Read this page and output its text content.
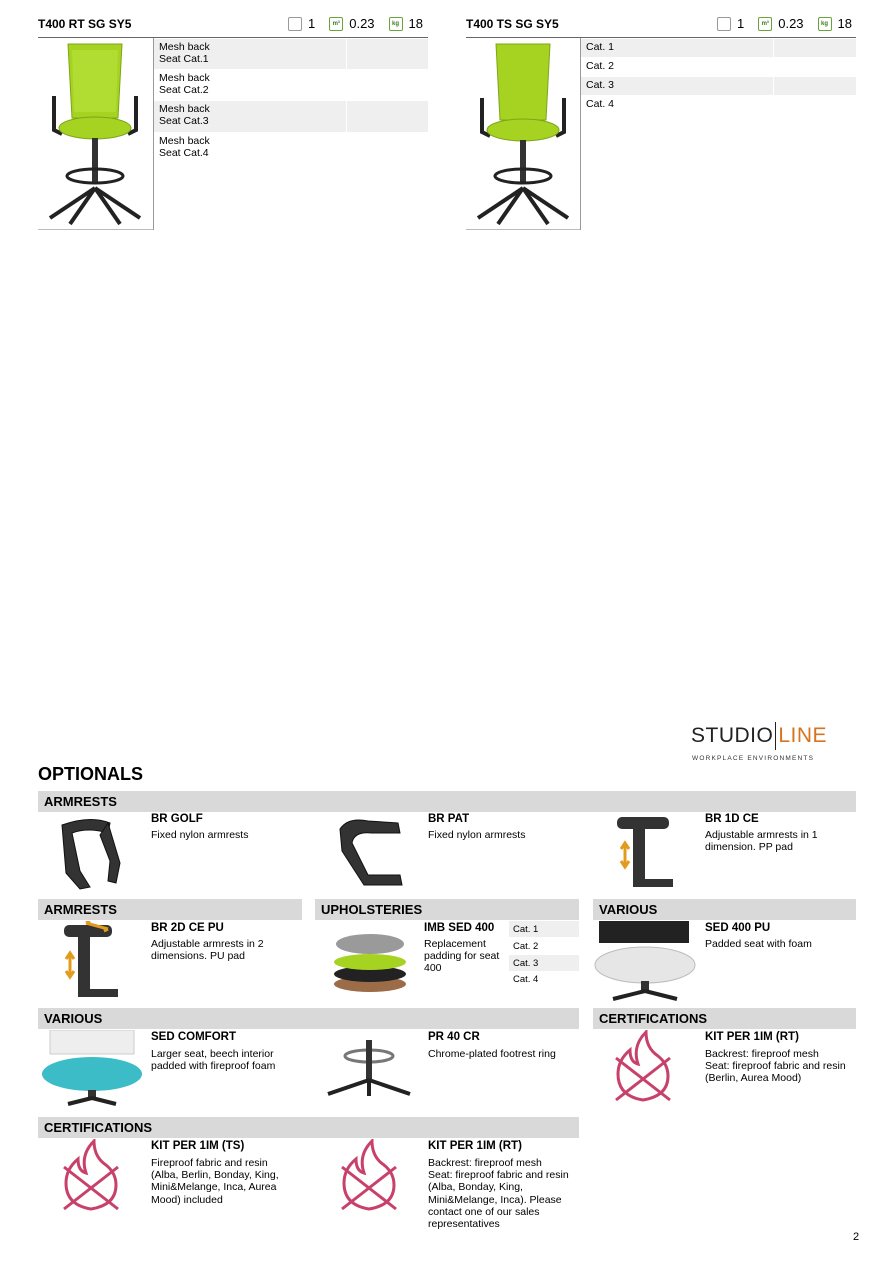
T400 RT SG SY5	1	m³ 0.23	kg 18
Mesh back
Seat Cat.1
Mesh back
Seat Cat.2
Mesh back
Seat Cat.3
Mesh back
Seat Cat.4
T400 TS SG SY5	1	m³ 0.23	kg 18
Cat. 1
Cat. 2
Cat. 3
Cat. 4
STUDIO LINE
WORKPLACE ENVIRONMENTS
OPTIONALS
ARMRESTS
BR GOLF
Fixed nylon armrests
BR PAT
Fixed nylon armrests
BR 1D CE
Adjustable armrests in 1 dimension. PP pad
ARMRESTS	UPHOLSTERIES	VARIOUS
BR 2D CE PU
Adjustable armrests in 2 dimensions. PU pad
IMB SED 400
Replacement padding for seat 400
Cat. 1
Cat. 2
Cat. 3
Cat. 4
SED 400 PU
Padded seat with foam
VARIOUS	CERTIFICATIONS
SED COMFORT
Larger seat, beech interior padded with fireproof foam
PR 40 CR
Chrome-plated footrest ring
KIT PER 1IM (RT)
Backrest: fireproof mesh
Seat: fireproof fabric and resin (Berlin, Aurea Mood)
CERTIFICATIONS
KIT PER 1IM (TS)
Fireproof fabric and resin (Alba, Berlin, Bonday, King, Mini&Melange, Inca, Aurea Mood) included
KIT PER 1IM (RT)
Backrest: fireproof mesh
Seat: fireproof fabric and resin (Alba, Bonday, King, Mini&Melange, Inca). Please contact one of our sales representatives
2
